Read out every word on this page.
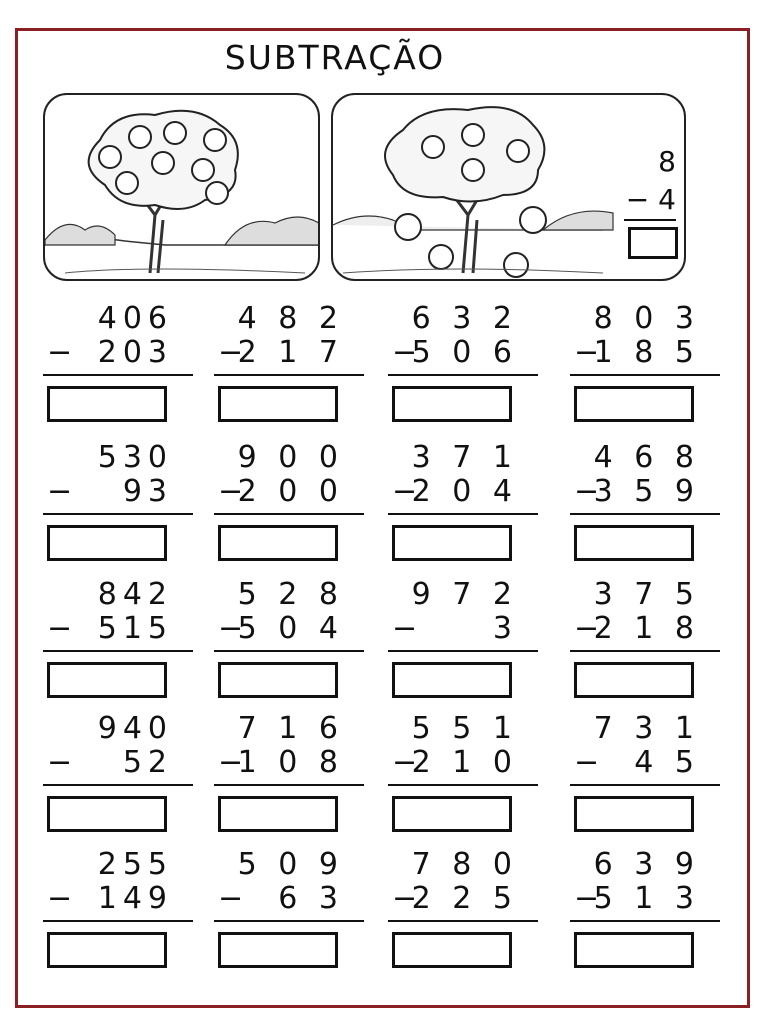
SUBTRAÇÃO
8
− 4
406
− 203
4 8 2
−
2 1 7
6 3 2
−
5 0 6
8 0 3
−
1 8 5
530
− 93
9 0 0
−
2 0 0
3 7 1
−
2 0 4
4 6 8
−
3 5 9
842
− 515
5 2 8
−
5 0 4
9 7 2
−	3
3 7 5
−
2 1 8
940
− 52
7 1 6
−
1 0 8
5 5 1
−
2 1 0
7 3 1
− 4 5
255
− 149
5 0 9
− 6 3
7 8 0
−
2 2 5
6 3 9
−
5 1 3
